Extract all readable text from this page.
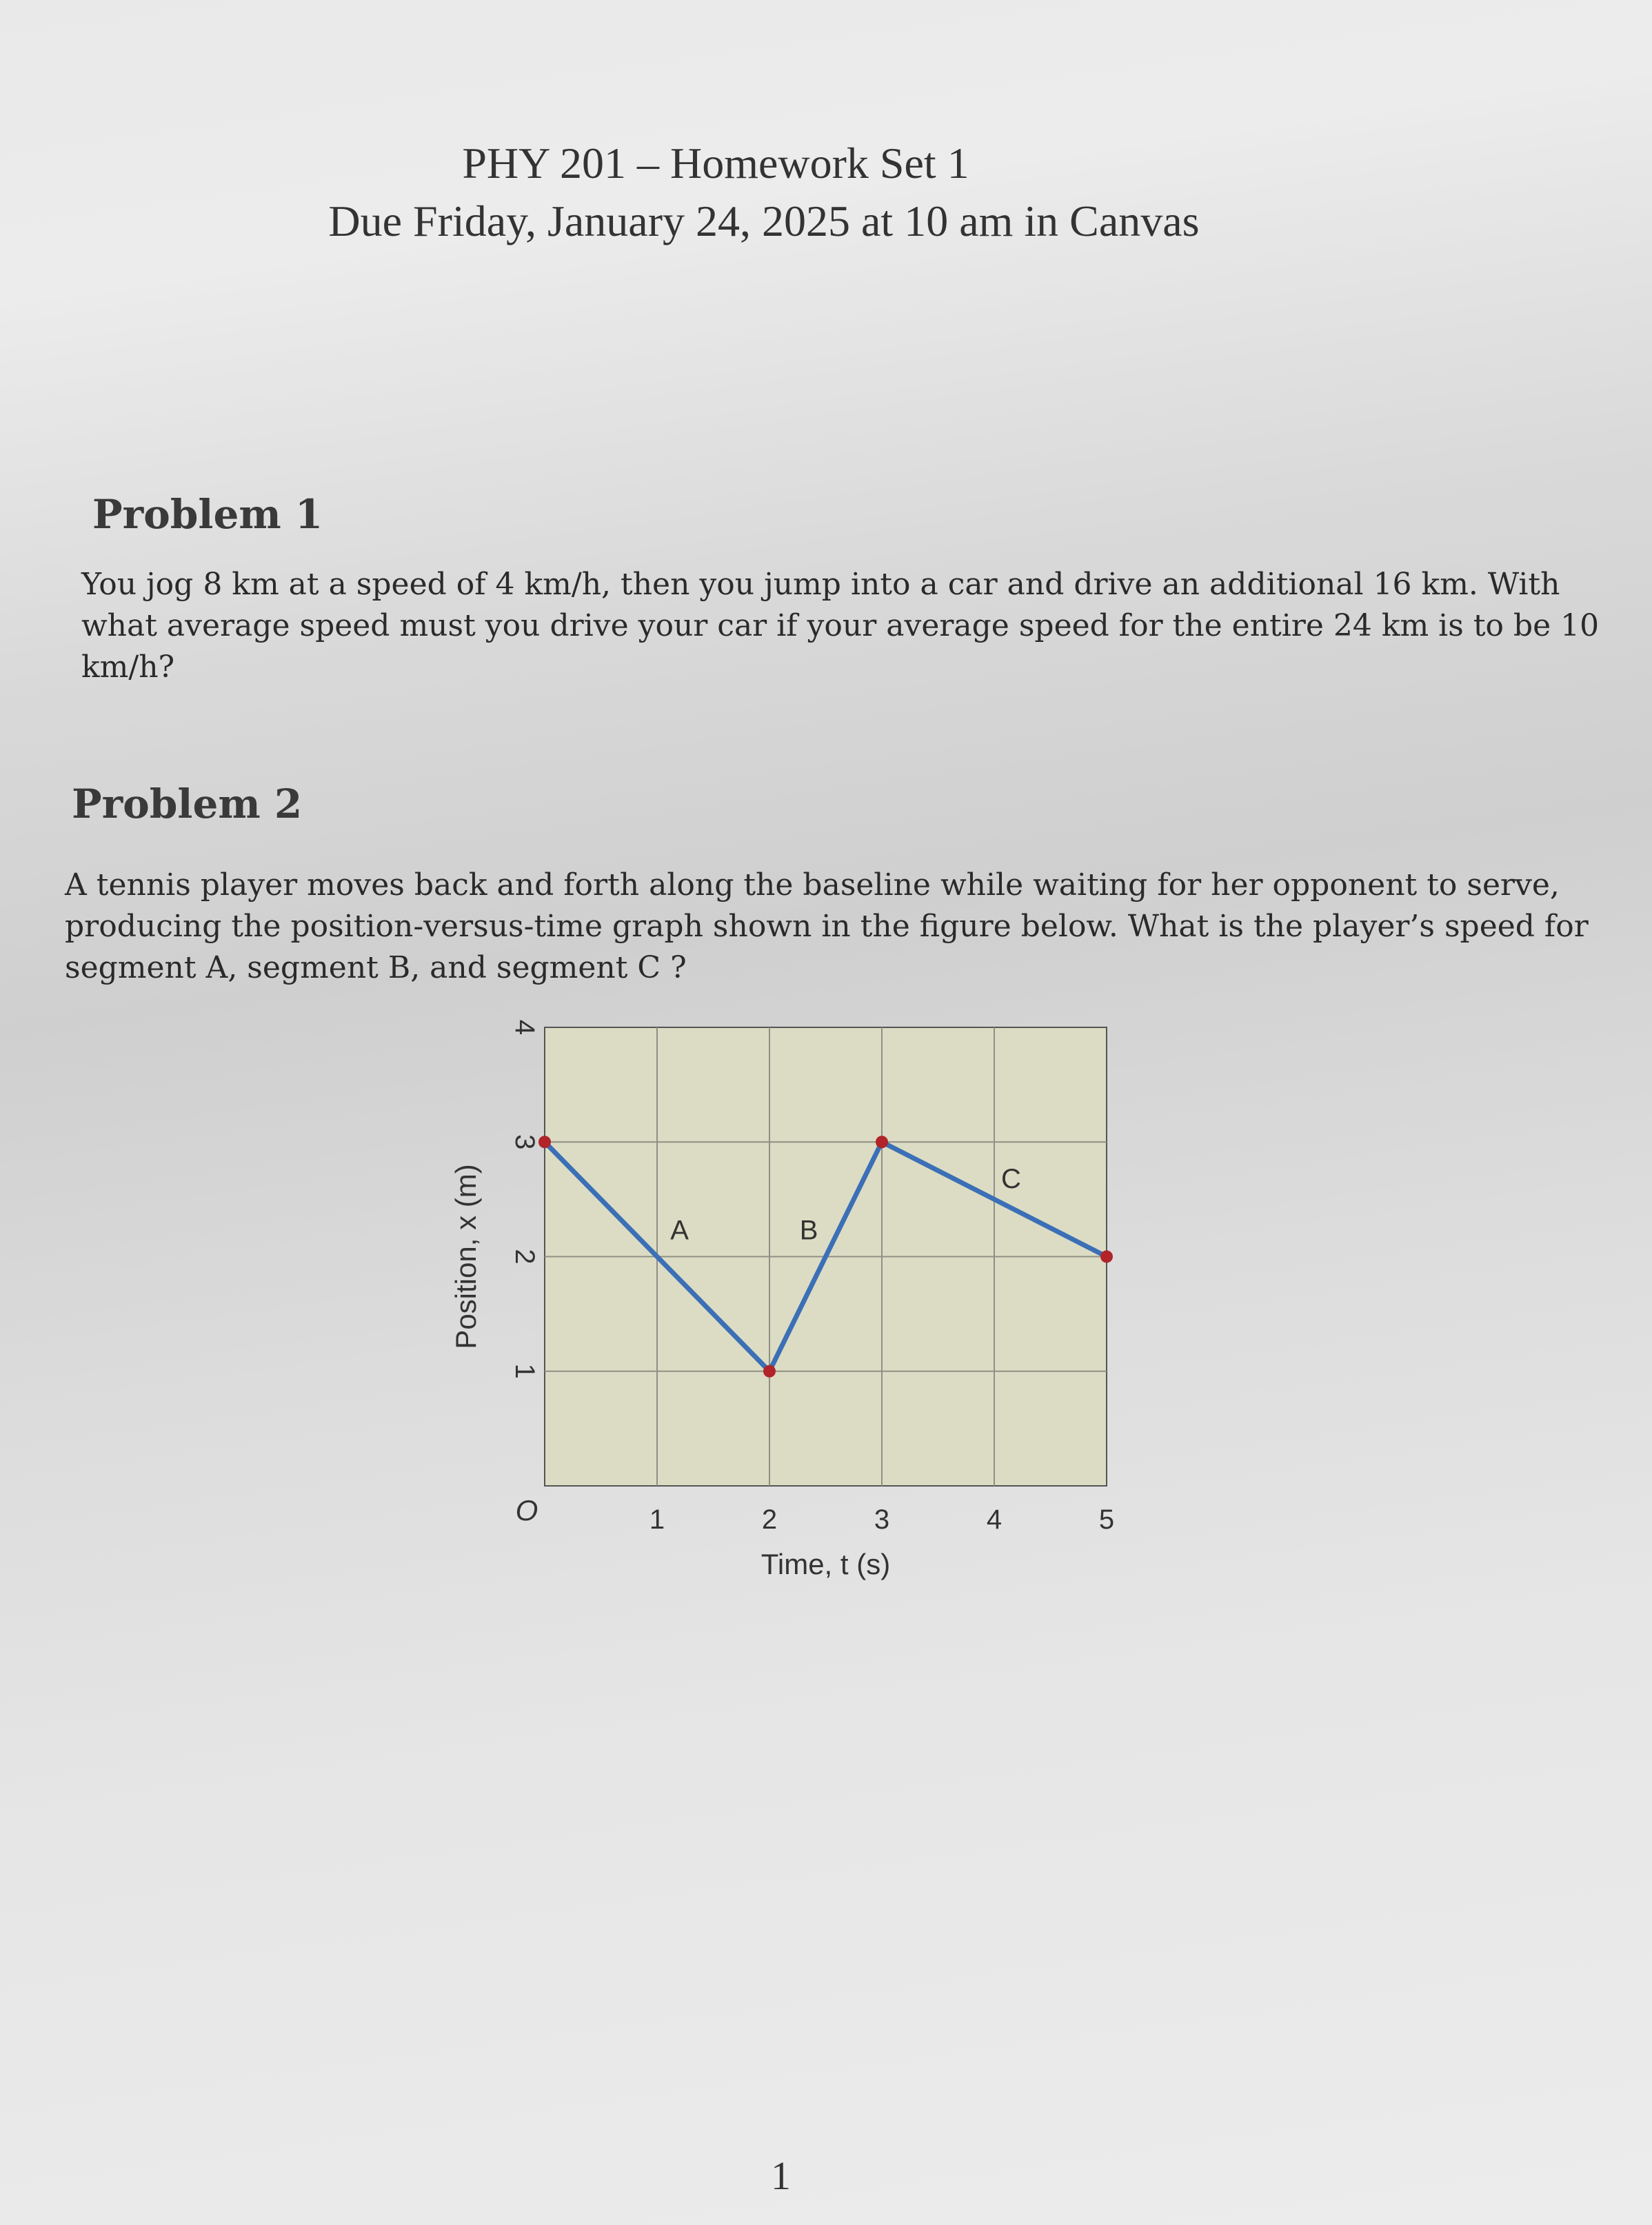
PHY 201 – Homework Set 1
Due Friday, January 24, 2025 at 10 am in Canvas
Problem 1
You jog 8 km at a speed of 4 km/h, then you jump into a car and drive an additional 16 km. With
what average speed must you drive your car if your average speed for the entire 24 km is to be 10
km/h?
Problem 2
A tennis player moves back and forth along the baseline while waiting for her opponent to serve,
producing the position-versus-time graph shown in the figure below. What is the player’s speed for
segment A, segment B, and segment C ?
1	2	3	4	5
1
2
3
4
O
Time, t (s)
Position, x (m)	A	B
C
1
